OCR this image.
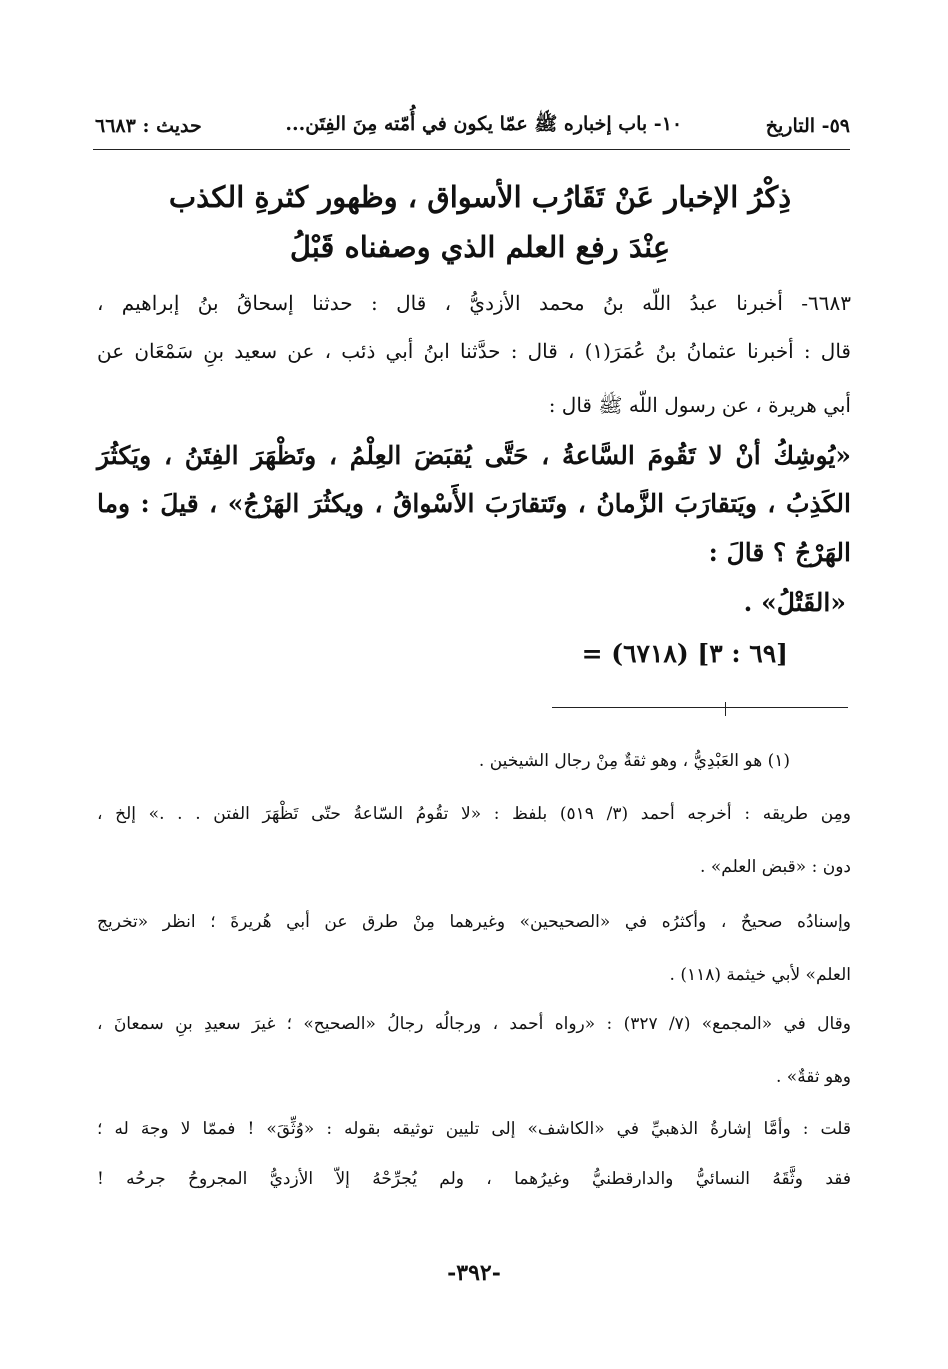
٥٩- التاريخ
١٠- باب إخباره ﷺ عمّا يكون في أُمّته مِنَ الفِتَن...
حديث : ٦٦٨٣
ذِكْرُ الإخبار عَنْ تَقَارُب الأسواق ، وظهور كثرةِ الكذب
عِنْدَ رفع العلم الذي وصفناه قَبْلُ
٦٦٨٣- أخبرنا عبدُ اللّه بنُ محمد الأزديُّ ، قال : حدثنا إسحاقُ بنُ إبراهيم ،
قال : أخبرنا عثمانُ بنُ عُمَرَ(١) ، قال : حدَّثنا ابنُ أبي ذئب ، عن سعيد بنِ سَمْعَان عن
أبي هريرة ، عن رسول اللّه ﷺ قال :
«يُوشِكُ أنْ لا تَقُومَ السَّاعةُ ، حَتَّى يُقبَضَ العِلْمُ ، وتَظْهَرَ الفِتَنُ ، ويَكثُرَ
الكَذِبُ ، ويَتقارَبَ الزَّمانُ ، وتَتقارَبَ الأَسْواقُ ، ويكثُرَ الهَرْجُ» ، قيلَ : وما
الهَرْجُ ؟ قالَ :
«القَتْلُ» .
[٦٩ : ٣] (٦٧١٨) =
(١) هو العَبْدِيُّ ، وهو ثقةٌ مِنْ رجال الشيخين .
ومِن طريقه : أخرجه أحمد (٣/ ٥١٩) بلفظ : «لا تقُومُ السّاعةُ حتّى تَظْهَرَ الفتن . . .» إلخ ،
دون : «قبض العلم» .
وإسنادُه صحيحٌ ، وأكثرُه في «الصحيحين» وغيرهما مِنْ طرق عن أبي هُريرةَ ؛ انظر «تخريج
العلم» لأبي خيثمة (١١٨) .
وقال في «المجمع» (٧/ ٣٢٧) : «رواه أحمد ، ورجالُه رجالُ «الصحيح» ؛ غيرَ سعيدِ بنِ سمعانَ ،
وهو ثقةٌ» .
قلت : وأمَّا إشارةُ الذهبيِّ في «الكاشف» إلى تليين توثيقه بقوله : «وُثِّقَ» ! فممّا لا وجهَ له ؛
فقد وثَّقَهُ النسائيُّ والدارقطنيُّ وغيرُهما ، ولم يُجرِّحْهُ إلاّ الأزديُّ المجروحُ جرحُه !
-٣٩٢-
